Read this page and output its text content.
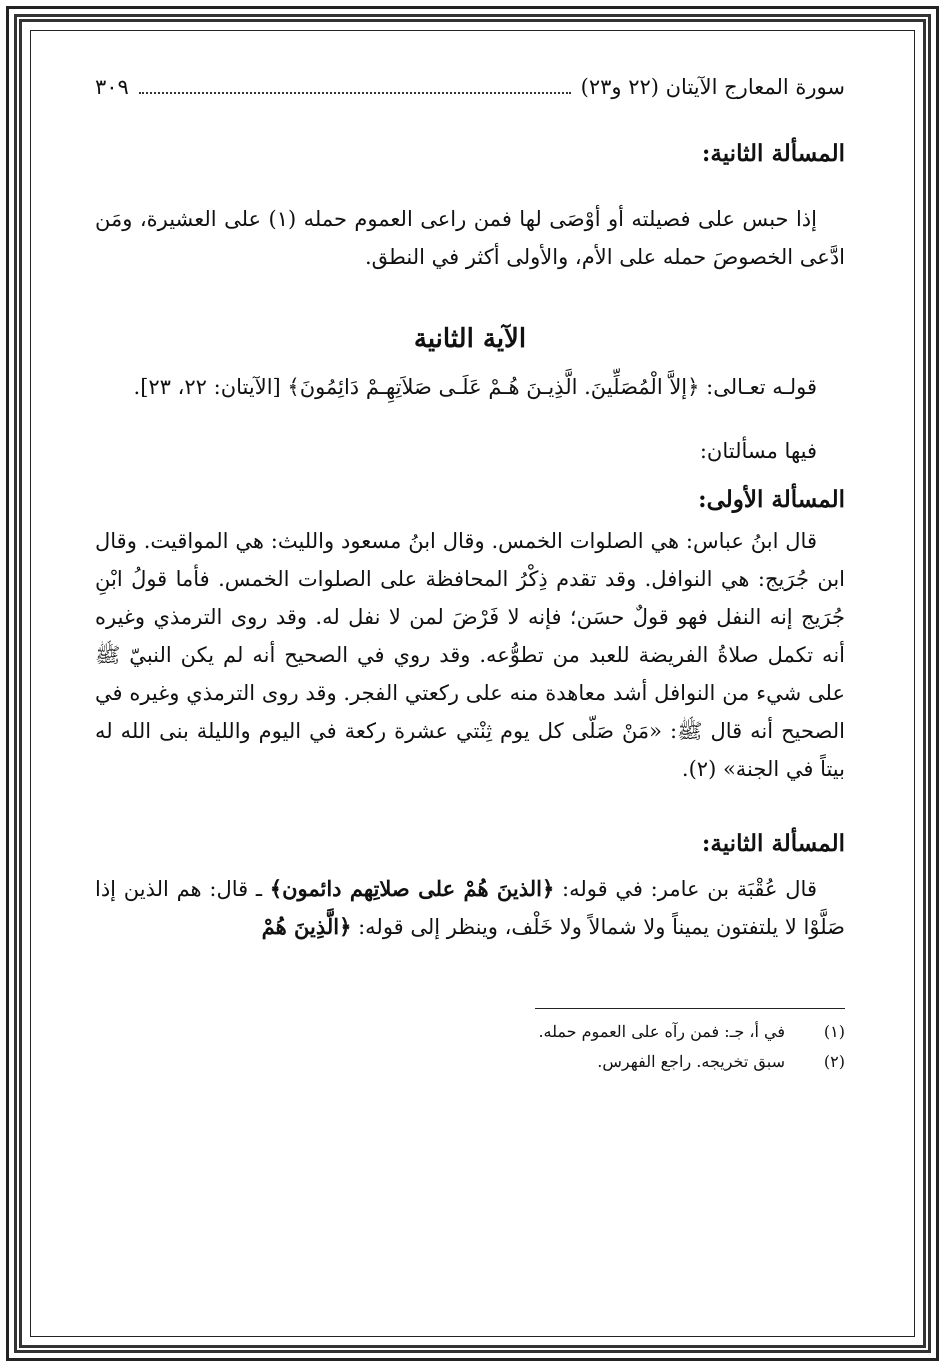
سورة المعارج الآيتان (٢٢ و٢٣)
٣٠٩

المسألة الثانية:

إذا حبس على فصيلته أو أوْصَى لها فمن راعى العموم حمله (١) على العشيرة، ومَن ادَّعى الخصوصَ حمله على الأم، والأولى أكثر في النطق.

الآية الثانية

قولـه تعـالى: ﴿إلاَّ الْمُصَلِّينَ. الَّذِيـنَ هُـمْ عَلَـى صَلاَتِهِـمْ دَائِمُونَ﴾ [الآيتان: ٢٢، ٢٣].

فيها مسألتان:

المسألة الأولى:

قال ابنُ عباس: هي الصلوات الخمس. وقال ابنُ مسعود والليث: هي المواقيت. وقال ابن جُرَيج: هي النوافل. وقد تقدم ذِكْرُ المحافظة على الصلوات الخمس. فأما قولُ ابْنِ جُرَيج إنه النفل فهو قولٌ حسَن؛ فإنه لا فَرْضَ لمن لا نفل له. وقد روى الترمذي وغيره أنه تكمل صلاةُ الفريضة للعبد من تطوُّعه. وقد روي في الصحيح أنه لم يكن النبيّ ﷺ على شيء من النوافل أشد معاهدة منه على ركعتي الفجر. وقد روى الترمذي وغيره في الصحيح أنه قال ﷺ: «مَنْ صَلّى كل يوم ثِنْتي عشرة ركعة في اليوم والليلة بنى الله له بيتاً في الجنة» (٢).

المسألة الثانية:

قال عُقْبَة بن عامر: في قوله: ﴿الذينَ هُمْ على صلاتِهم دائمون﴾ ـ قال: هم الذين إذا صَلَّوْا لا يلتفتون يميناً ولا شمالاً ولا خَلْف، وينظر إلى قوله: ﴿الَّذِينَ هُمْ

(١)
في أ، جـ: فمن رآه على العموم حمله.
(٢)
سبق تخريجه. راجع الفهرس.
